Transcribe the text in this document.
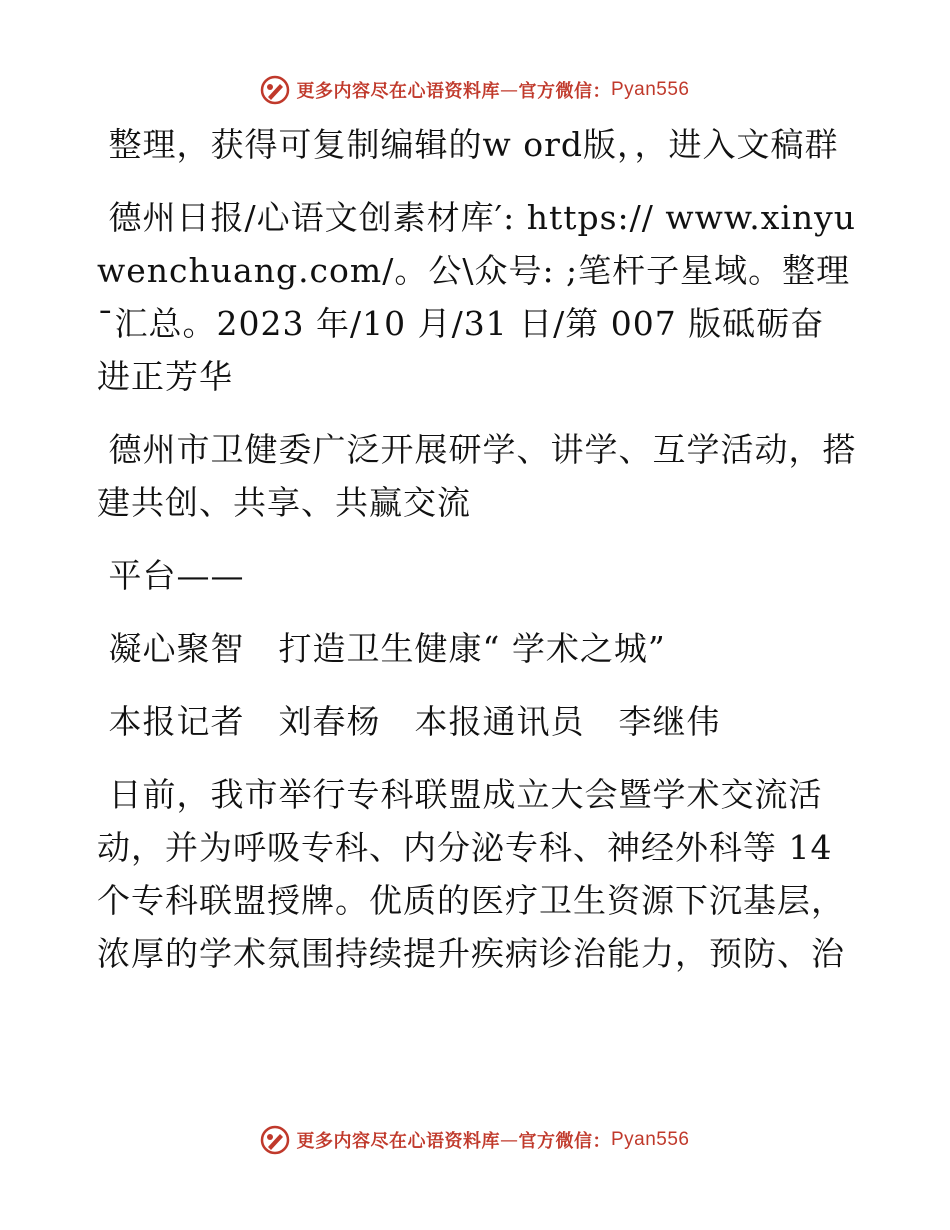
更多内容尽在心语资料库 — 官方微信： Pyan556

整理，获得可复制编辑的w ord版，，进入文稿群

德州日报/心语文创素材库′: https:// www.xinyuwenchuang.com/。公\众号: ;笔杆子星域。整理¯汇总。2023 年/10 月/31 日/第 007 版砥砺奋进正芳华

德州市卫健委广泛开展研学、讲学、互学活动，搭建共创、共享、共赢交流

平台——

凝心聚智　打造卫生健康“ 学术之城”

本报记者　刘春杨　本报通讯员　李继伟

日前，我市举行专科联盟成立大会暨学术交流活动，并为呼吸专科、内分泌专科、神经外科等 14 个专科联盟授牌。优质的医疗卫生资源下沉基层，浓厚的学术氛围持续提升疾病诊治能力，预防、治

更多内容尽在心语资料库 — 官方微信： Pyan556
